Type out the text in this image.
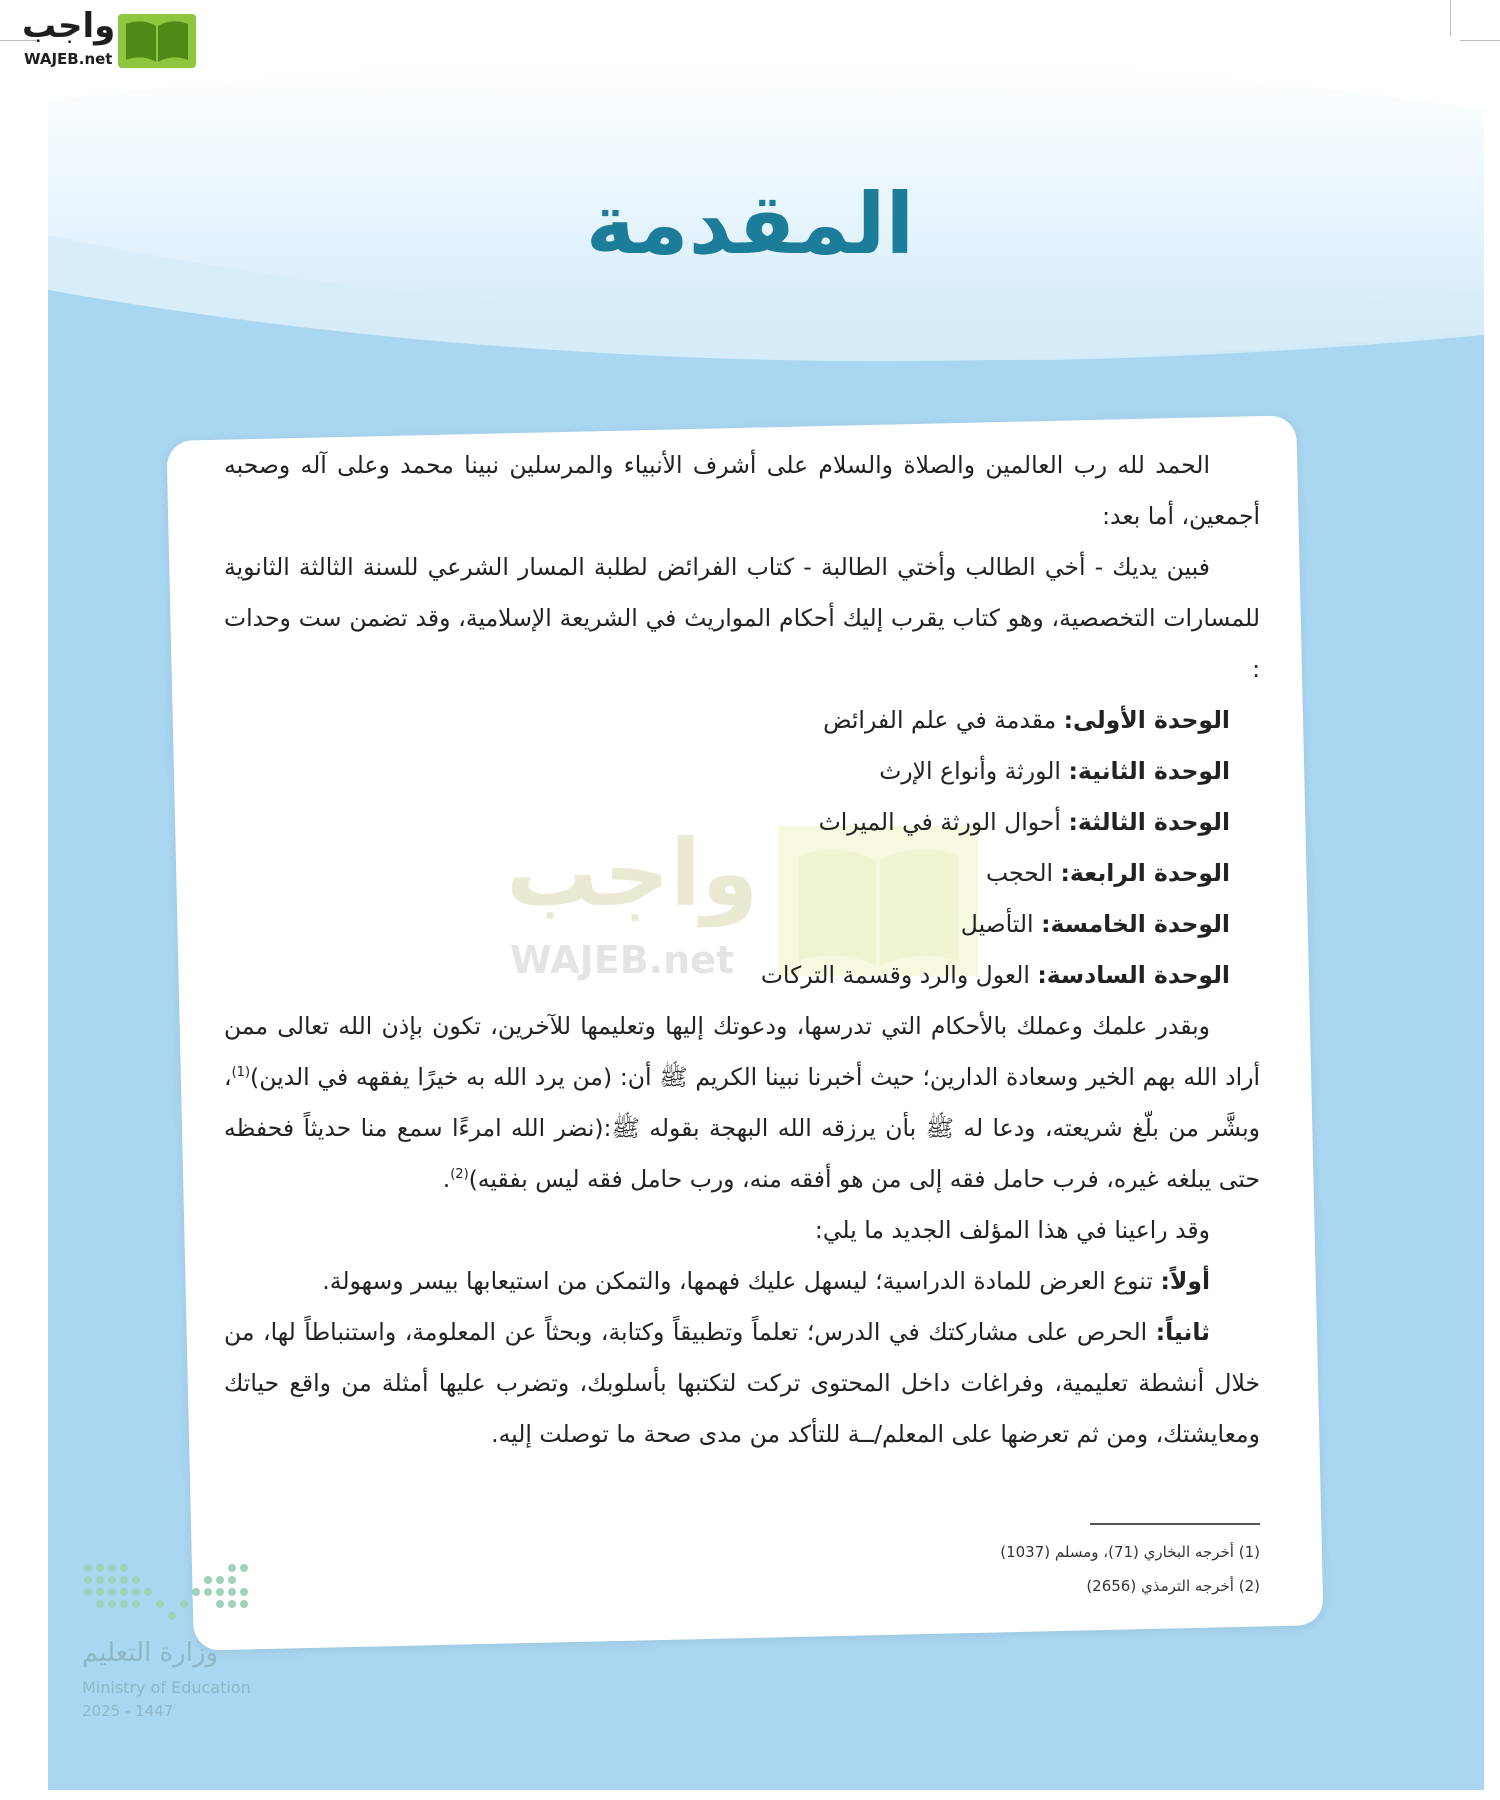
واجب
WAJEB.net
المقدمة
واجب
WAJEB.net

الحمد لله رب العالمين والصلاة والسلام على أشرف الأنبياء والمرسلين نبينا محمد وعلى آله وصحبه أجمعين، أما بعد:

فبين يديك - أخي الطالب وأختي الطالبة - كتاب الفرائض لطلبة المسار الشرعي للسنة الثالثة الثانوية للمسارات التخصصية، وهو كتاب يقرب إليك أحكام المواريث في الشريعة الإسلامية، وقد تضمن ست وحدات :

الوحدة الأولى: مقدمة في علم الفرائض

الوحدة الثانية: الورثة وأنواع الإرث

الوحدة الثالثة: أحوال الورثة في الميراث

الوحدة الرابعة: الحجب

الوحدة الخامسة: التأصيل

الوحدة السادسة: العول والرد وقسمة التركات

وبقدر علمك وعملك بالأحكام التي تدرسها، ودعوتك إليها وتعليمها للآخرين، تكون بإذن الله تعالى ممن أراد الله بهم الخير وسعادة الدارين؛ حيث أخبرنا نبينا الكريم ﷺ أن: (من يرد الله به خيرًا يفقهه في الدين)$^{(1)}$، وبشَّر من بلّغ شريعته، ودعا له ﷺ بأن يرزقه الله البهجة بقوله ﷺ:(نضر الله امرءًا سمع منا حديثاً فحفظه حتى يبلغه غيره، فرب حامل فقه إلى من هو أفقه منه، ورب حامل فقه ليس بفقيه)$^{(2)}$.

وقد راعينا في هذا المؤلف الجديد ما يلي:

أولاً: تنوع العرض للمادة الدراسية؛ ليسهل عليك فهمها، والتمكن من استيعابها بيسر وسهولة.

ثانياً: الحرص على مشاركتك في الدرس؛ تعلماً وتطبيقاً وكتابة، وبحثاً عن المعلومة، واستنباطاً لها، من خلال أنشطة تعليمية، وفراغات داخل المحتوى تركت لتكتبها بأسلوبك، وتضرب عليها أمثلة من واقع حياتك ومعايشتك، ومن ثم تعرضها على المعلم/ــة للتأكد من مدى صحة ما توصلت إليه.

(1) أخرجه البخاري (71)، ومسلم (1037)
(2) أخرجه الترمذي (2656)
وزارة التعليم
Ministry of Education
2025 - 1447
